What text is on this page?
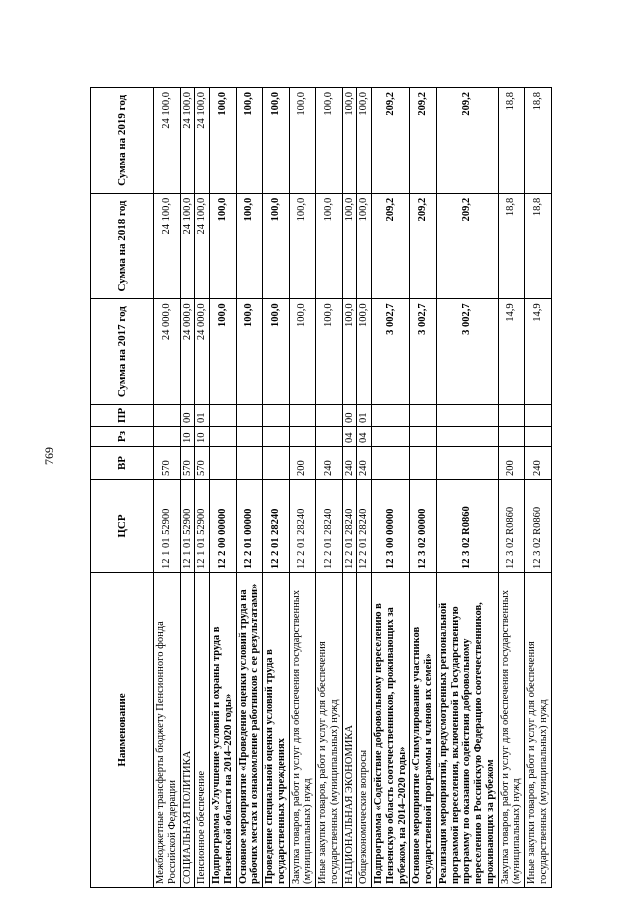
769
Наименование	ЦСР	ВР	Рз	ПР	Сумма на 2017 год	Сумма на 2018 год	Сумма на 2019 год
Межбюджетные трансферты бюджету Пенсионного фонда Российской Федерации	12 1 01 52900	570			24 000,0	24 100,0	24 100,0
СОЦИАЛЬНАЯ ПОЛИТИКА	12 1 01 52900	570	10	00	24 000,0	24 100,0	24 100,0
Пенсионное обеспечение	12 1 01 52900	570	10	01	24 000,0	24 100,0	24 100,0
Подпрограмма «Улучшение условий и охраны труда в Пензенской области на 2014–2020 годы»	12 2 00 00000				100,0	100,0	100,0
Основное мероприятие «Проведение оценки условий труда на рабочих местах и ознакомление работников с ее результатами»	12 2 01 00000				100,0	100,0	100,0
Проведение специальной оценки условий труда в государственных учреждениях	12 2 01 28240				100,0	100,0	100,0
Закупка товаров, работ и услуг для обеспечения государственных (муниципальных) нужд	12 2 01 28240	200			100,0	100,0	100,0
Иные закупки товаров, работ и услуг для обеспечения государственных (муниципальных) нужд	12 2 01 28240	240			100,0	100,0	100,0
НАЦИОНАЛЬНАЯ ЭКОНОМИКА	12 2 01 28240	240	04	00	100,0	100,0	100,0
Общеэкономические вопросы	12 2 01 28240	240	04	01	100,0	100,0	100,0
Подпрограмма «Содействие добровольному переселению в Пензенскую область соотечественников, проживающих за рубежом, на 2014–2020 годы»	12 3 00 00000				3 002,7	209,2	209,2
Основное мероприятие «Стимулирование участников государственной программы и членов их семей»	12 3 02 00000				3 002,7	209,2	209,2
Реализация мероприятий, предусмотренных региональной программой переселения, включенной в Государственную программу по оказанию содействия добровольному переселению в Российскую Федерацию соотечественников, проживающих за рубежом	12 3 02 R0860				3 002,7	209,2	209,2
Закупка товаров, работ и услуг для обеспечения государственных (муниципальных) нужд	12 3 02 R0860	200			14,9	18,8	18,8
Иные закупки товаров, работ и услуг для обеспечения государственных (муниципальных) нужд	12 3 02 R0860	240			14,9	18,8	18,8
